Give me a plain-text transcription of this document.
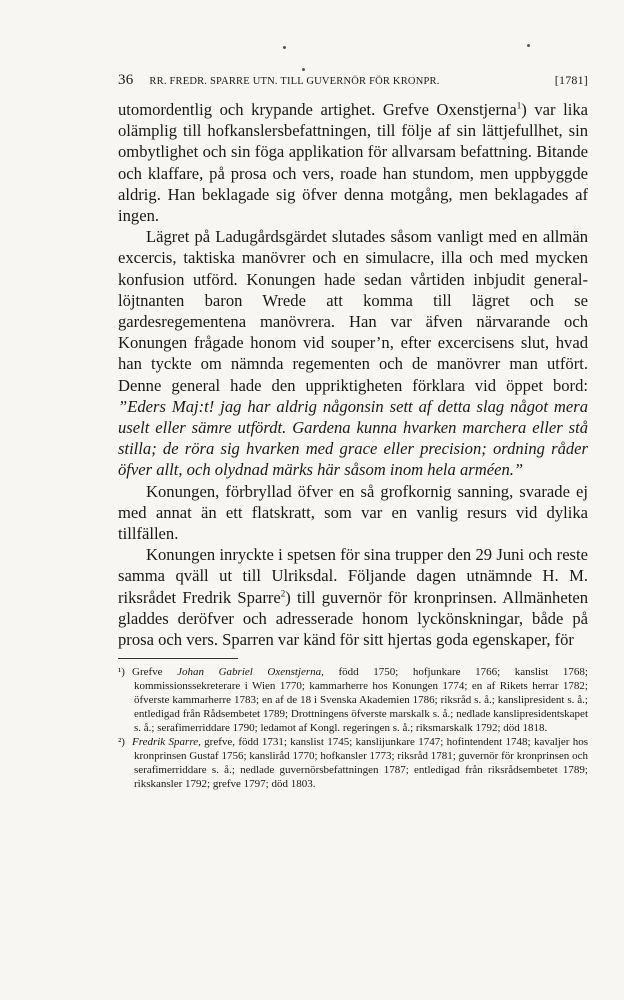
36 RR. FREDR. SPARRE UTN. TILL GUVERNÖR FÖR KRONPR.	[1781]

utomordentlig och krypande artighet. Grefve Oxenstjerna$^1$) var lika olämplig till hofkanslersbefattningen, till följe af sin lättjefullhet, sin ombytlighet och sin föga applikation för allvarsam befattning. Bitande och klaffare, på prosa och vers, roade han stundom, men uppbyggde aldrig. Han beklagade sig öfver denna motgång, men beklagades af ingen.

Lägret på Ladugårdsgärdet slutades såsom vanligt med en allmän excercis, taktiska manövrer och en simulacre, illa och med mycken konfusion utförd. Konungen hade sedan vårtiden inbjudit general-löjtnanten baron Wrede att komma till lägret och se gardesregementena manövrera. Han var äfven närvarande och Konungen frågade honom vid souper’n, efter excercisens slut, hvad han tyckte om nämnda regementen och de manövrer man utfört. Denne general hade den uppriktigheten förklara vid öppet bord: ”Eders Maj:t! jag har aldrig någonsin sett af detta slag något mera uselt eller sämre utfördt. Gardena kunna hvarken marchera eller stå stilla; de röra sig hvarken med grace eller precision; ordning råder öfver allt, och olydnad märks här såsom inom hela arméen.”

Konungen, förbryllad öfver en så grofkornig sanning, svarade ej med annat än ett flatskratt, som var en vanlig resurs vid dylika tillfällen.

Konungen inryckte i spetsen för sina trupper den 29 Juni och reste samma qväll ut till Ulriksdal. Följande dagen utnämnde H. M. riksrådet Fredrik Sparre$^2$) till guvernör för kronprinsen. Allmänheten gladdes deröfver och adresserade honom lyckönskningar, både på prosa och vers. Sparren var känd för sitt hjertas goda egenskaper, för

¹) Grefve Johan Gabriel Oxenstjerna, född 1750; hofjunkare 1766; kanslist 1768; kommissionssekreterare i Wien 1770; kammarherre hos Konungen 1774; en af Rikets herrar 1782; öfverste kammarherre 1783; en af de 18 i Svenska Akademien 1786; riksråd s. å.; kanslipresident s. å.; entledigad från Rådsembetet 1789; Drottningens öfverste marskalk s. å.; nedlade kanslipresidentskapet s. å.; serafimerriddare 1790; ledamot af Kongl. regeringen s. å.; riksmarskalk 1792; död 1818.

²) Fredrik Sparre, grefve, född 1731; kanslist 1745; kanslijunkare 1747; hofintendent 1748; kavaljer hos kronprinsen Gustaf 1756; kansliråd 1770; hofkansler 1773; riksråd 1781; guvernör för kronprinsen och serafimerriddare s. å.; nedlade guvernörsbefattningen 1787; entledigad från riksrådsembetet 1789; rikskansler 1792; grefve 1797; död 1803.
